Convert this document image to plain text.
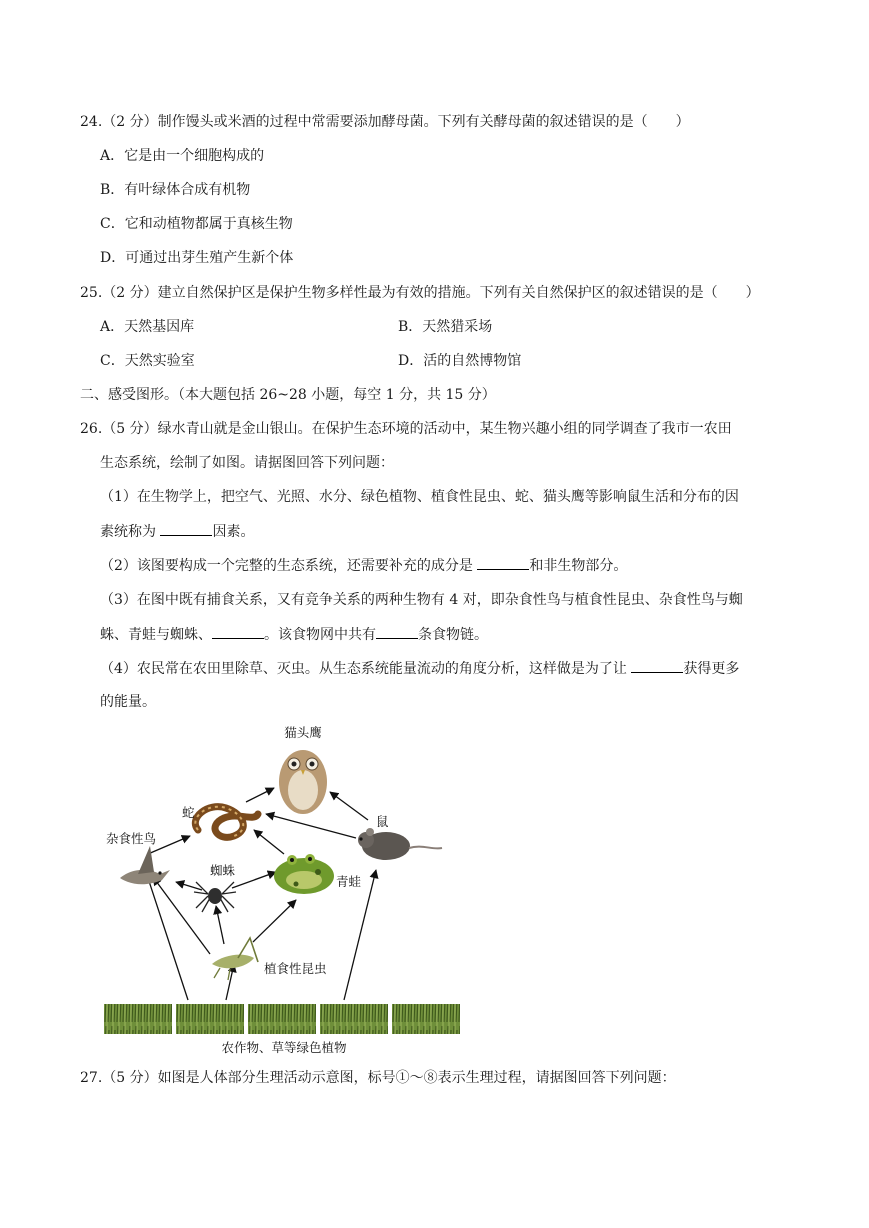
24.（2 分）制作馒头或米酒的过程中常需要添加酵母菌。下列有关酵母菌的叙述错误的是（　　）
A．它是由一个细胞构成的
B．有叶绿体合成有机物
C．它和动植物都属于真核生物
D．可通过出芽生殖产生新个体
25.（2 分）建立自然保护区是保护生物多样性最为有效的措施。下列有关自然保护区的叙述错误的是（　　）
A．天然基因库	B．天然猎采场
C．天然实验室	D．活的自然博物馆
二、感受图形。（本大题包括 26~28 小题，每空 1 分，共 15 分）
26.（5 分）绿水青山就是金山银山。在保护生态环境的活动中，某生物兴趣小组的同学调查了我市一农田
生态系统，绘制了如图。请据图回答下列问题：
（1）在生物学上，把空气、光照、水分、绿色植物、植食性昆虫、蛇、猫头鹰等影响鼠生活和分布的因
素统称为	因素。
（2）该图要构成一个完整的生态系统，还需要补充的成分是	和非生物部分。
（3）在图中既有捕食关系，又有竞争关系的两种生物有 4 对，即杂食性鸟与植食性昆虫、杂食性鸟与蜘
蛛、青蛙与蜘蛛、	。该食物网中共有	条食物链。
（4）农民常在农田里除草、灭虫。从生态系统能量流动的角度分析，这样做是为了让	获得更多
的能量。
猫头鹰
蛇
鼠
杂食性鸟
蜘蛛
青蛙
植食性昆虫
农作物、草等绿色植物
27.（5 分）如图是人体部分生理活动示意图，标号①～⑧表示生理过程，请据图回答下列问题：
